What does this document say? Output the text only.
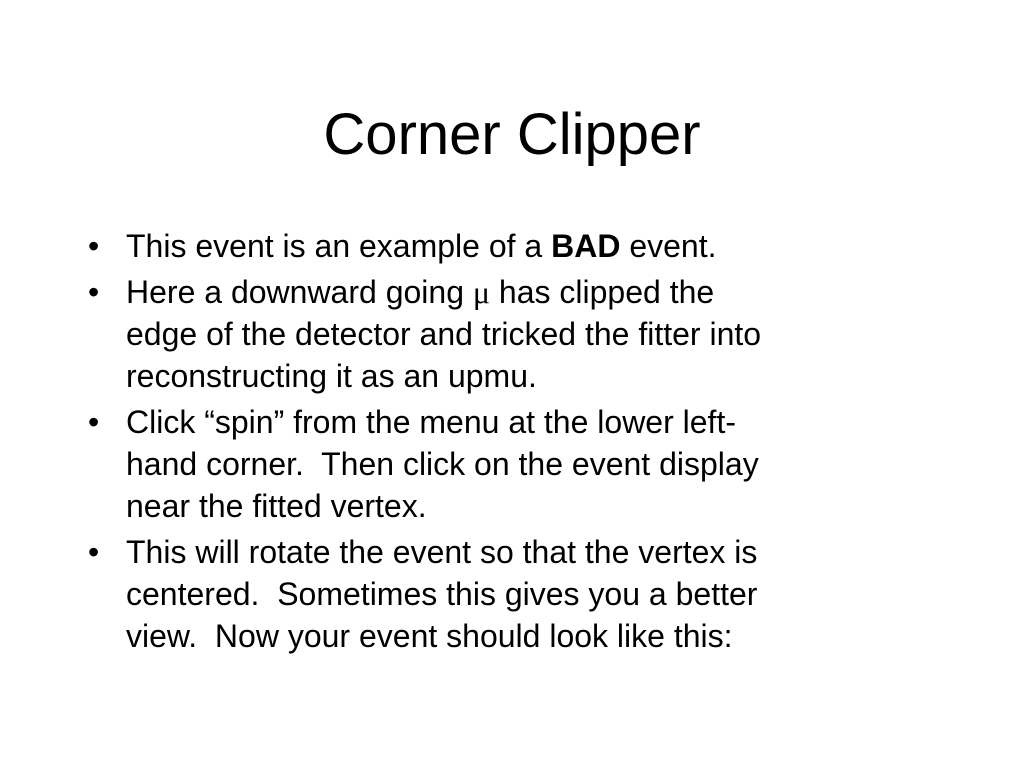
Corner Clipper
• This event is an example of a BAD event.
• Here a downward going μ has clipped the
edge of the detector and tricked the fitter into
reconstructing it as an upmu.
• Click “spin” from the menu at the lower left-
hand corner.  Then click on the event display
near the fitted vertex.
• This will rotate the event so that the vertex is
centered.  Sometimes this gives you a better
view.  Now your event should look like this:
